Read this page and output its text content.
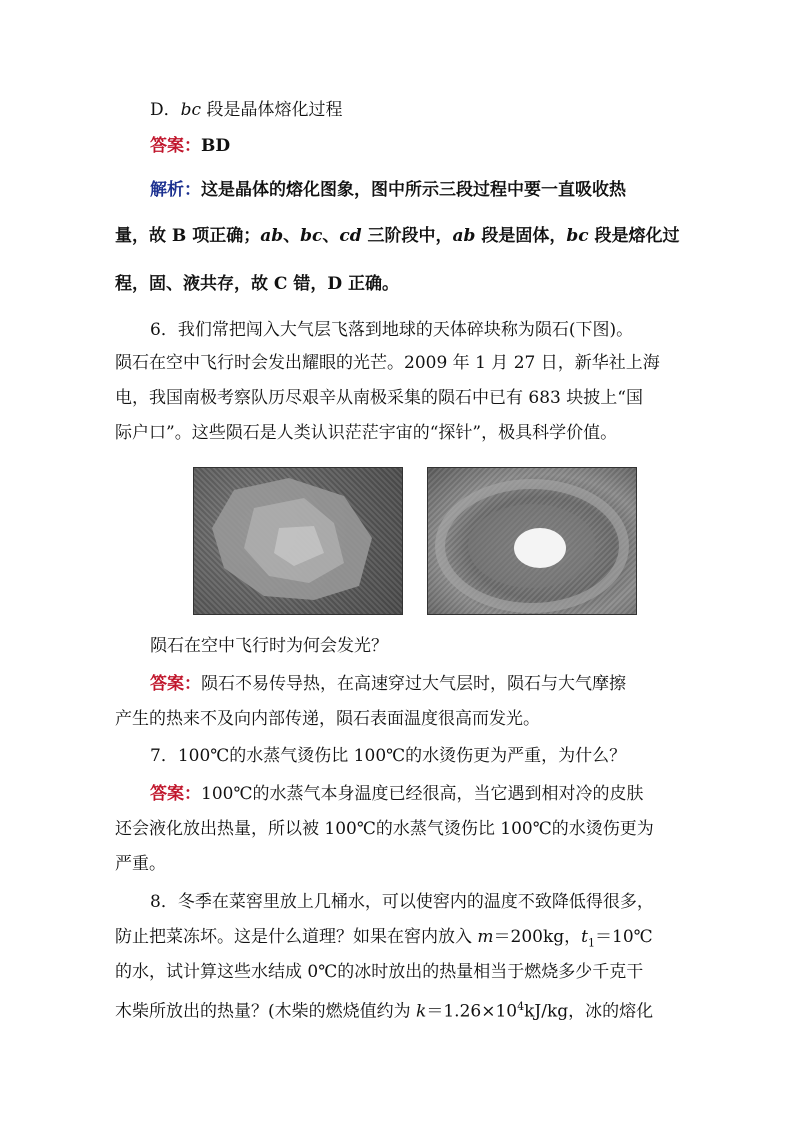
D．bc 段是晶体熔化过程
答案：BD
解析：这是晶体的熔化图象，图中所示三段过程中要一直吸收热
量，故 B 项正确；ab、bc、cd 三阶段中，ab 段是固体，bc 段是熔化过
程，固、液共存，故 C 错，D 正确。
6．我们常把闯入大气层飞落到地球的天体碎块称为陨石(下图)。
陨石在空中飞行时会发出耀眼的光芒。2009 年 1 月 27 日，新华社上海
电，我国南极考察队历尽艰辛从南极采集的陨石中已有 683 块披上“国
际户口”。这些陨石是人类认识茫茫宇宙的“探针”，极具科学价值。
陨石在空中飞行时为何会发光？
答案：陨石不易传导热，在高速穿过大气层时，陨石与大气摩擦
产生的热来不及向内部传递，陨石表面温度很高而发光。
7．100℃的水蒸气烫伤比 100℃的水烫伤更为严重，为什么？
答案：100℃的水蒸气本身温度已经很高，当它遇到相对冷的皮肤
还会液化放出热量，所以被 100℃的水蒸气烫伤比 100℃的水烫伤更为
严重。
8．冬季在菜窖里放上几桶水，可以使窖内的温度不致降低得很多，
防止把菜冻坏。这是什么道理？如果在窖内放入 m＝200kg，$t_1=10℃$
的水，试计算这些水结成 0℃的冰时放出的热量相当于燃烧多少千克干
木柴所放出的热量？(木柴的燃烧值约为 $k=1.26\times 10^4kJ/kg$，冰的熔化
